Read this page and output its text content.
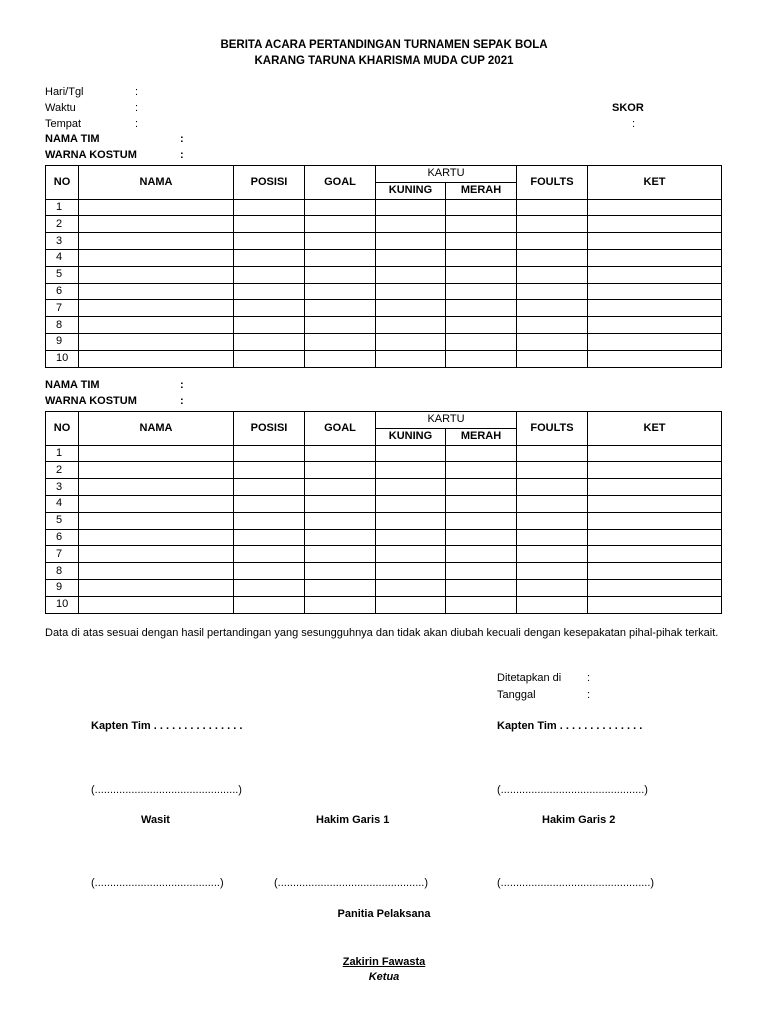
BERITA ACARA PERTANDINGAN TURNAMEN SEPAK BOLA
KARANG TARUNA KHARISMA MUDA CUP 2021
Hari/Tgl	:
Waktu	:
Tempat	:
SKOR
:
NAMA TIM	:
WARNA KOSTUM	:
NO	NAMA	POSISI	GOAL	KARTU		FOULTS	KET
				KUNING	MERAH		
1							
2							
3							
4							
5							
6							
7							
8							
9							
10							
NAMA TIM	:
WARNA KOSTUM	:
NO	NAMA	POSISI	GOAL	KARTU		FOULTS	KET
				KUNING	MERAH		
1							
2							
3							
4							
5							
6							
7							
8							
9							
10							
Data di atas sesuai dengan hasil pertandingan yang sesungguhnya dan tidak akan diubah kecuali dengan kesepakatan pihal-pihak terkait.
Ditetapkan di :
Tanggal	:
Kapten Tim . . . . . . . . . . . . . . .	Kapten Tim . . . . . . . . . . . . . .
(...............................................)	(...............................................)
Wasit	Hakim Garis 1	Hakim Garis 2
(.........................................)	(................................................)	(.................................................)
Panitia Pelaksana
Zakirin Fawasta
Ketua
